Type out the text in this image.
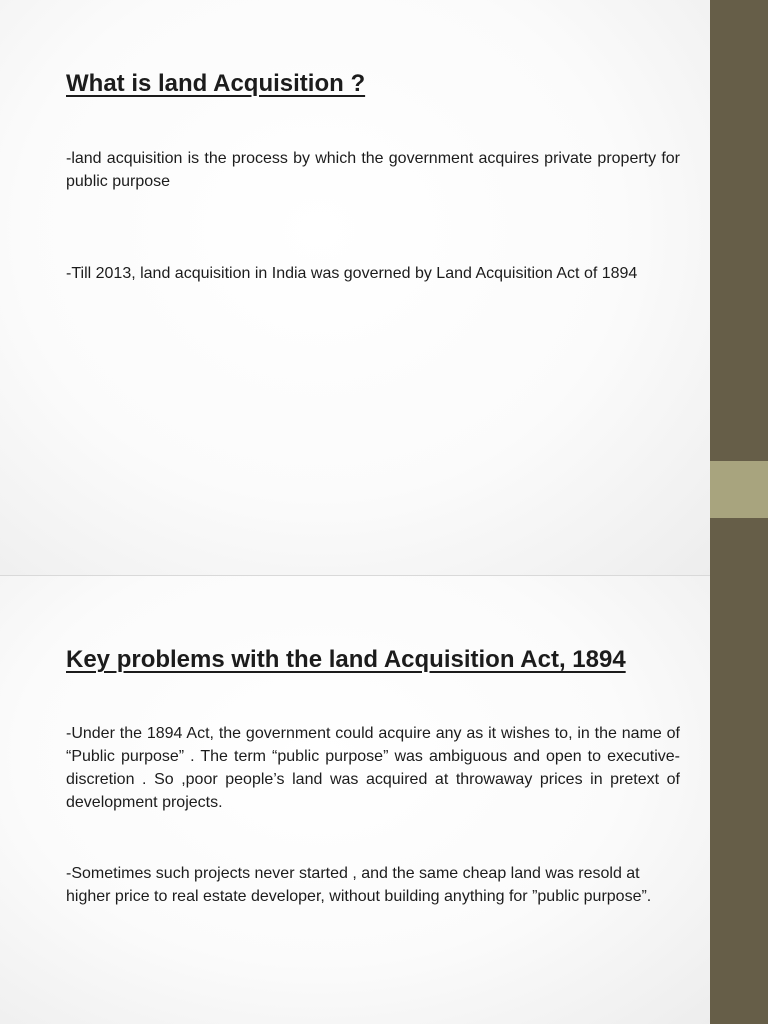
What is land Acquisition ?

-land acquisition is the process by which the government acquires private property for public purpose

-Till 2013, land acquisition in India was governed by Land Acquisition Act of 1894

Key problems with the land Acquisition Act, 1894

-Under the 1894 Act, the government could acquire any as it wishes to, in the name of “Public purpose” . The term “public purpose” was ambiguous and open to executive-discretion . So ,poor people’s land was acquired at throwaway prices in pretext of development projects.

-Sometimes such projects never started , and the same cheap land was resold at higher price to real estate developer, without building anything for ”public purpose”.
